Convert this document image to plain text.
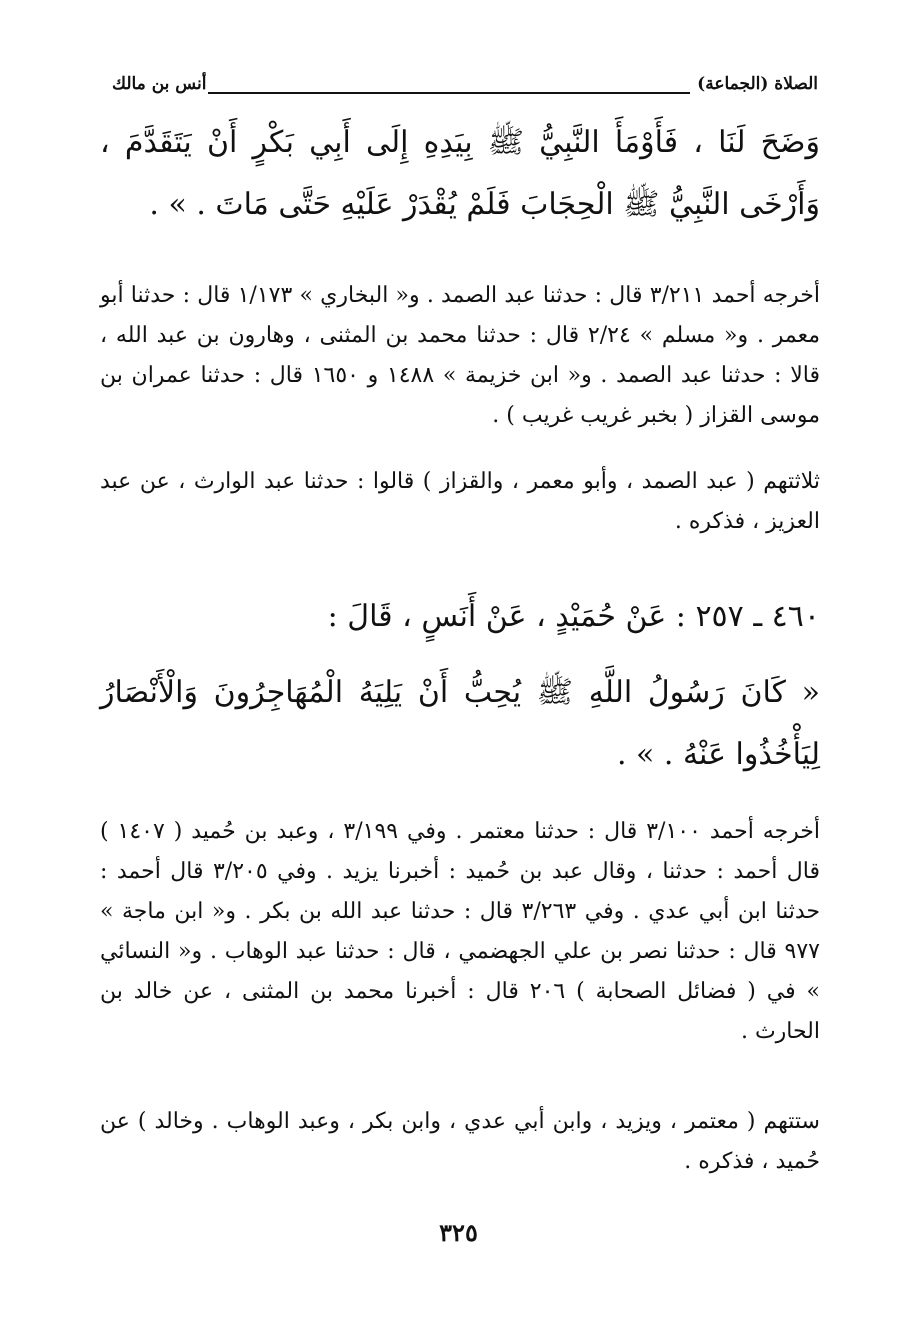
الصلاة (الجماعة)
أنس بن مالك
وَضَحَ لَنَا ، فَأَوْمَأَ النَّبِيُّ ﷺ بِيَدِهِ إِلَى أَبِي بَكْرٍ أَنْ يَتَقَدَّمَ ، وَأَرْخَى النَّبِيُّ ﷺ الْحِجَابَ فَلَمْ يُقْدَرْ عَلَيْهِ حَتَّى مَاتَ . » .
أخرجه أحمد ٣/٢١١ قال : حدثنا عبد الصمد . و« البخاري » ١/١٧٣ قال : حدثنا أبو معمر . و« مسلم » ٢/٢٤ قال : حدثنا محمد بن المثنى ، وهارون بن عبد الله ، قالا : حدثنا عبد الصمد . و« ابن خزيمة » ١٤٨٨ و ١٦٥٠ قال : حدثنا عمران بن موسى القزاز ( بخبر غريب غريب ) .
ثلاثتهم ( عبد الصمد ، وأبو معمر ، والقزاز ) قالوا : حدثنا عبد الوارث ، عن عبد العزيز ، فذكره .
٤٦٠ ـ ٢٥٧ : عَنْ حُمَيْدٍ ، عَنْ أَنَسٍ ، قَالَ :
« كَانَ رَسُولُ اللَّهِ ﷺ يُحِبُّ أَنْ يَلِيَهُ الْمُهَاجِرُونَ وَالْأَنْصَارُ لِيَأْخُذُوا عَنْهُ . » .
أخرجه أحمد ٣/١٠٠ قال : حدثنا معتمر . وفي ٣/١٩٩ ، وعبد بن حُميد ( ١٤٠٧ ) قال أحمد : حدثنا ، وقال عبد بن حُميد : أخبرنا يزيد . وفي ٣/٢٠٥ قال أحمد : حدثنا ابن أبي عدي . وفي ٣/٢٦٣ قال : حدثنا عبد الله بن بكر . و« ابن ماجة » ٩٧٧ قال : حدثنا نصر بن علي الجهضمي ، قال : حدثنا عبد الوهاب . و« النسائي » في ( فضائل الصحابة ) ٢٠٦ قال : أخبرنا محمد بن المثنى ، عن خالد بن الحارث .
ستتهم ( معتمر ، ويزيد ، وابن أبي عدي ، وابن بكر ، وعبد الوهاب . وخالد ) عن حُميد ، فذكره .
٣٢٥
